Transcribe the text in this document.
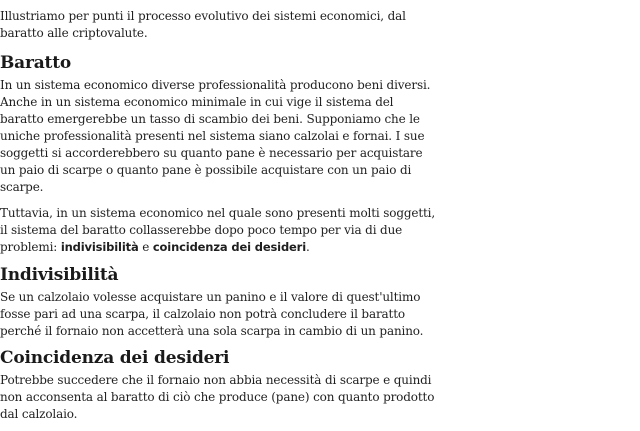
Illustriamo per punti il processo evolutivo dei sistemi economici, dal baratto alle criptovalute.

Baratto

In un sistema economico diverse professionalità producono beni diversi. Anche in un sistema economico minimale in cui vige il sistema del baratto emergerebbe un tasso di scambio dei beni. Supponiamo che le uniche professionalità presenti nel sistema siano calzolai e fornai. I sue soggetti si accorderebbero su quanto pane è necessario per acquistare un paio di scarpe o quanto pane è possibile acquistare con un paio di scarpe.

Tuttavia, in un sistema economico nel quale sono presenti molti soggetti, il sistema del baratto collasserebbe dopo poco tempo per via di due problemi: indivisibilità e coincidenza dei desideri.

Indivisibilità

Se un calzolaio volesse acquistare un panino e il valore di quest'ultimo fosse pari ad una scarpa, il calzolaio non potrà concludere il baratto perché il fornaio non accetterà una sola scarpa in cambio di un panino.

Coincidenza dei desideri

Potrebbe succedere che il fornaio non abbia necessità di scarpe e quindi non acconsenta al baratto di ciò che produce (pane) con quanto prodotto dal calzolaio.
